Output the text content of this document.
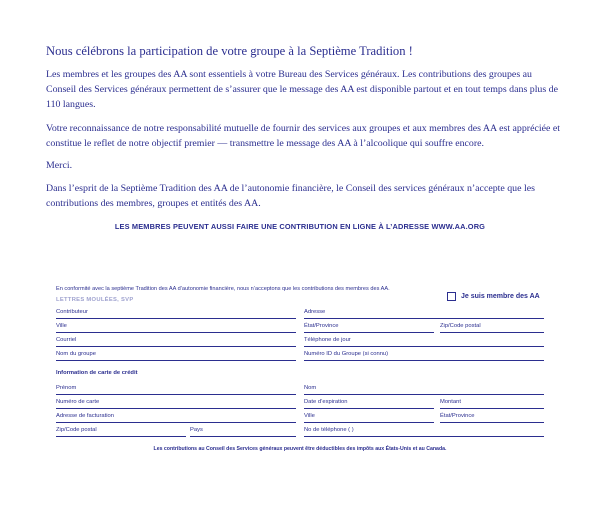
Nous célébrons la participation de votre groupe à la Septième Tradition !
Les membres et les groupes des AA sont essentiels à votre Bureau des Services généraux. Les contributions des groupes au Conseil des Services généraux permettent de s’assurer que le message des AA est disponible partout et en tout temps dans plus de 110 langues.
Votre reconnaissance de notre responsabilité mutuelle de fournir des services aux groupes et aux membres des AA est appréciée et constitue le reflet de notre objectif premier — transmettre le message des AA à l’alcoolique qui souffre encore.
Merci.
Dans l’esprit de la Septième Tradition des AA de l’autonomie financière, le Conseil des services généraux n’accepte que les contributions des membres, groupes et entités des AA.
LES MEMBRES PEUVENT AUSSI FAIRE UNE CONTRIBUTION EN LIGNE À L’ADRESSE WWW.AA.ORG
En conformité avec la septième Tradition des AA d’autonomie financière, nous n’acceptons que les contributions des membres des AA.
LETTRES MOULÉES, SVP	Je suis membre des AA
Contributeur	Adresse
Ville	État/Province	Zip/Code postal
Courriel	Téléphone de jour
Nom du groupe	Numéro ID du Groupe (si connu)
Information de carte de crédit
Prénom	Nom
Numéro de carte	Date d’expiration	Montant
Adresse de facturation	Ville	État/Province
Zip/Code postal	Pays	No de téléphone ( )
Les contributions au Conseil des Services généraux peuvent être déductibles des impôts aux États-Unis et au Canada.
